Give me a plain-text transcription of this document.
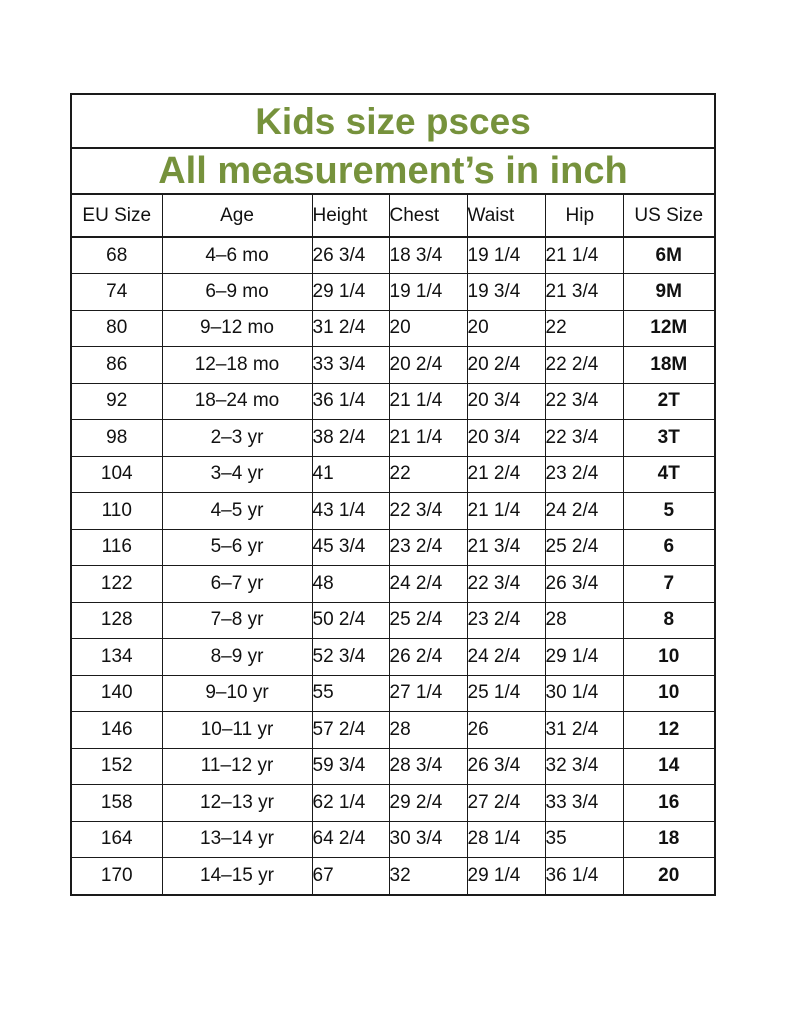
Kids size psces
All measurement’s in inch
EU Size	Age	Height	Chest	Waist	Hip	US Size
68	4–6 mo	26 3/4	18 3/4	19 1/4	21 1/4	6M
74	6–9 mo	29 1/4	19 1/4	19 3/4	21 3/4	9M
80	9–12 mo	31 2/4	20	20	22	12M
86	12–18 mo	33 3/4	20 2/4	20 2/4	22 2/4	18M
92	18–24 mo	36 1/4	21 1/4	20 3/4	22 3/4	2T
98	2–3 yr	38 2/4	21 1/4	20 3/4	22 3/4	3T
104	3–4 yr	41	22	21 2/4	23 2/4	4T
110	4–5 yr	43 1/4	22 3/4	21 1/4	24 2/4	5
116	5–6 yr	45 3/4	23 2/4	21 3/4	25 2/4	6
122	6–7 yr	48	24 2/4	22 3/4	26 3/4	7
128	7–8 yr	50 2/4	25 2/4	23 2/4	28	8
134	8–9 yr	52 3/4	26 2/4	24 2/4	29 1/4	10
140	9–10 yr	55	27 1/4	25 1/4	30 1/4	10
146	10–11 yr	57 2/4	28	26	31 2/4	12
152	11–12 yr	59 3/4	28 3/4	26 3/4	32 3/4	14
158	12–13 yr	62 1/4	29 2/4	27 2/4	33 3/4	16
164	13–14 yr	64 2/4	30 3/4	28 1/4	35	18
170	14–15 yr	67	32	29 1/4	36 1/4	20
